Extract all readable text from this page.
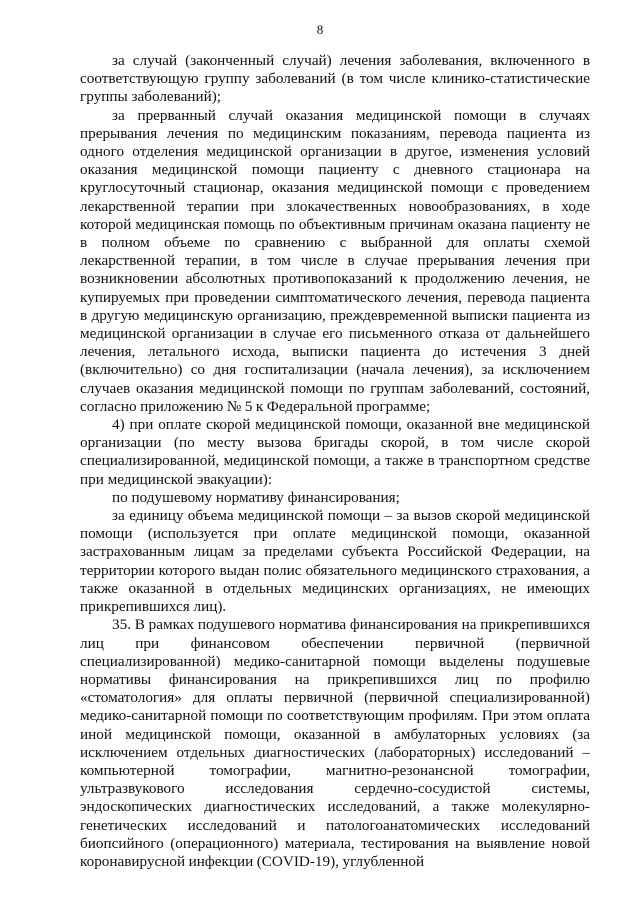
8

за случай (законченный случай) лечения заболевания, включенного в соответствующую группу заболеваний (в том числе клинико-статистические группы заболеваний);

за прерванный случай оказания медицинской помощи в случаях прерывания лечения по медицинским показаниям, перевода пациента из одного отделения медицинской организации в другое, изменения условий оказания медицинской помощи пациенту с дневного стационара на круглосуточный стационар, оказания медицинской помощи с проведением лекарственной терапии при злокачественных новообразованиях, в ходе которой медицинская помощь по объективным причинам оказана пациенту не в полном объеме по сравнению с выбранной для оплаты схемой лекарственной терапии, в том числе в случае прерывания лечения при возникновении абсолютных противопоказаний к продолжению лечения, не купируемых при проведении симптоматического лечения, перевода пациента в другую медицинскую организацию, преждевременной выписки пациента из медицинской организации в случае его письменного отказа от дальнейшего лечения, летального исхода, выписки пациента до истечения 3 дней (включительно) со дня госпитализации (начала лечения), за исключением случаев оказания медицинской помощи по группам заболеваний, состояний, согласно приложению № 5 к Федеральной программе;

4) при оплате скорой медицинской помощи, оказанной вне медицинской организации (по месту вызова бригады скорой, в том числе скорой специализированной, медицинской помощи, а также в транспортном средстве при медицинской эвакуации):

по подушевому нормативу финансирования;

за единицу объема медицинской помощи – за вызов скорой медицинской помощи (используется при оплате медицинской помощи, оказанной застрахованным лицам за пределами субъекта Российской Федерации, на территории которого выдан полис обязательного медицинского страхования, а также оказанной в отдельных медицинских организациях, не имеющих прикрепившихся лиц).

35. В рамках подушевого норматива финансирования на прикрепившихся лиц при финансовом обеспечении первичной (первичной специализированной) медико-санитарной помощи выделены подушевые нормативы финансирования на прикрепившихся лиц по профилю «стоматология» для оплаты первичной (первичной специализированной) медико-санитарной помощи по соответствующим профилям. При этом оплата иной медицинской помощи, оказанной в амбулаторных условиях (за исключением отдельных диагностических (лабораторных) исследований – компьютерной томографии, магнитно-резонансной томографии, ультразвукового исследования сердечно-сосудистой системы, эндоскопических диагностических исследований, а также молекулярно-генетических исследований и патологоанатомических исследований биопсийного (операционного) материала, тестирования на выявление новой коронавирусной инфекции (COVID-19), углубленной
